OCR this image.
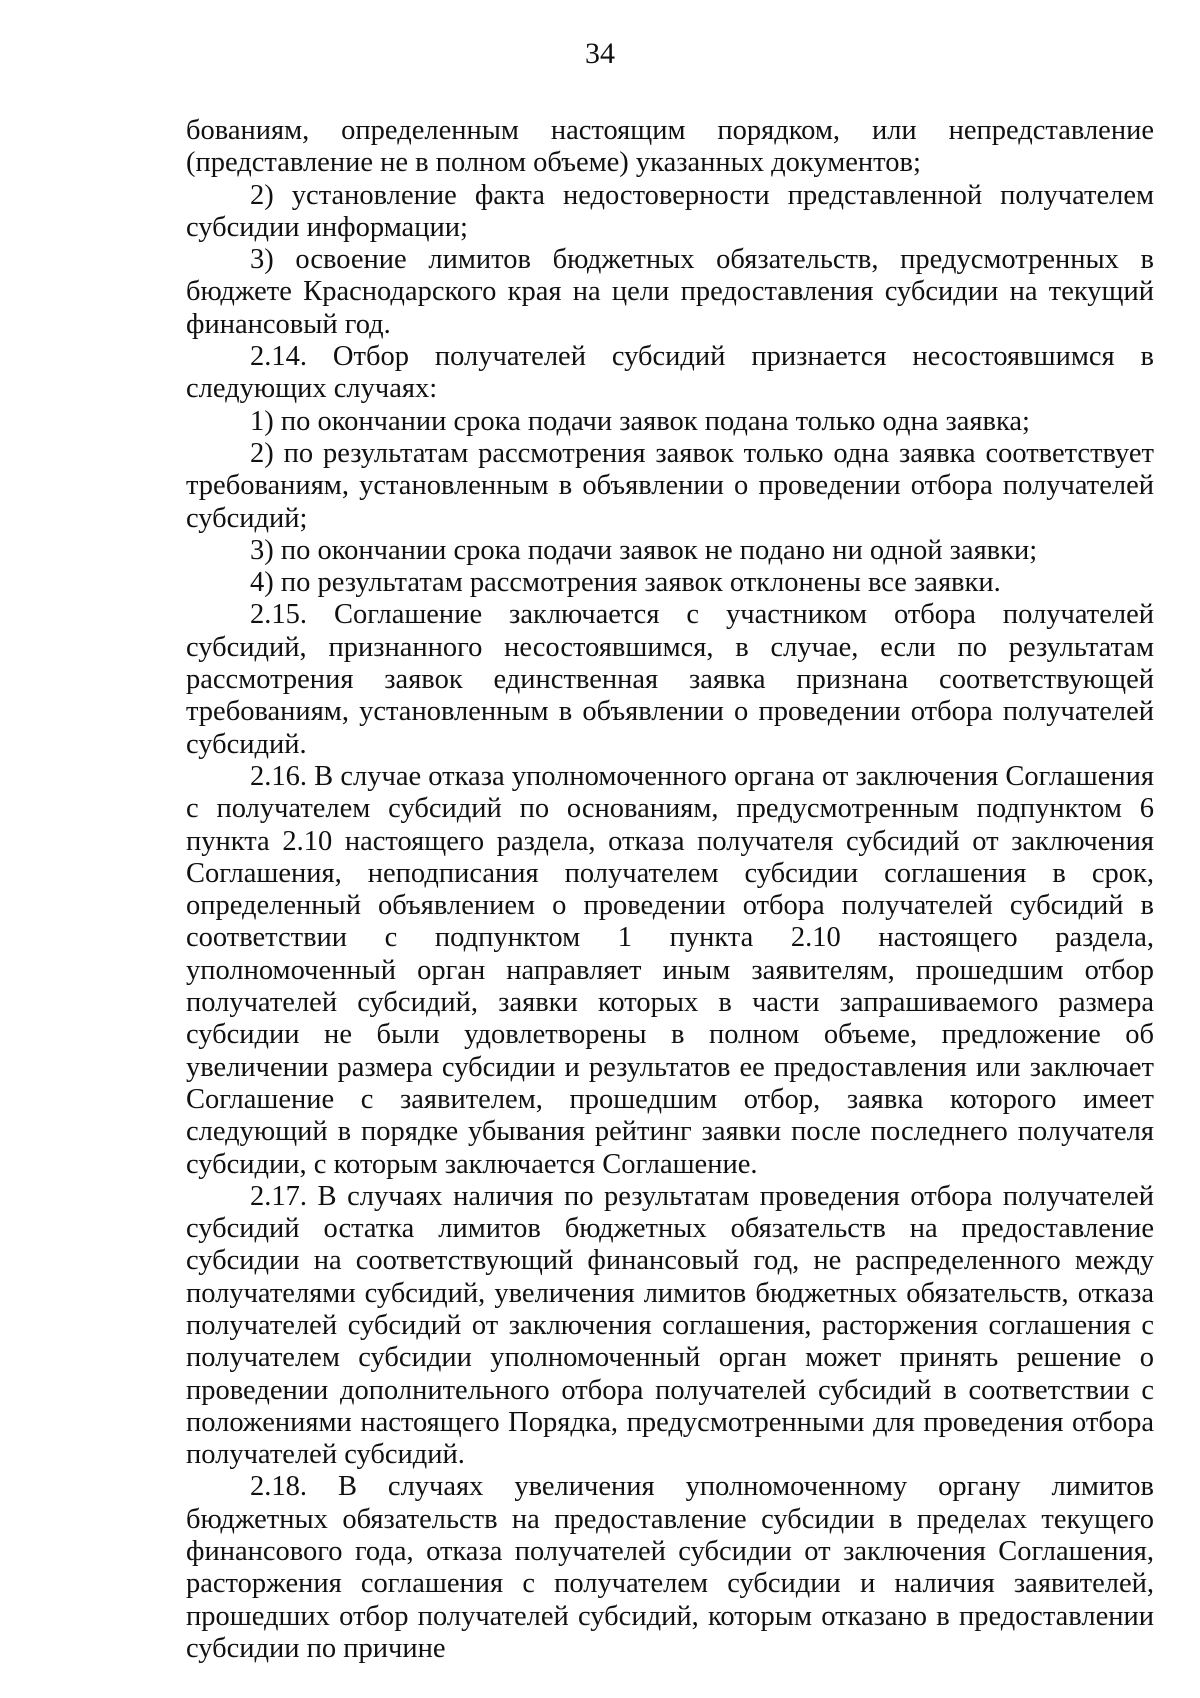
34

бованиям, определенным настоящим порядком, или непредставление (представление не в полном объеме) указанных документов;

2) установление факта недостоверности представленной получателем субсидии информации;

3) освоение лимитов бюджетных обязательств, предусмотренных в бюджете Краснодарского края на цели предоставления субсидии на текущий финансовый год.

2.14. Отбор получателей субсидий признается несостоявшимся в следующих случаях:

1) по окончании срока подачи заявок подана только одна заявка;

2) по результатам рассмотрения заявок только одна заявка соответствует требованиям, установленным в объявлении о проведении отбора получателей субсидий;

3) по окончании срока подачи заявок не подано ни одной заявки;

4) по результатам рассмотрения заявок отклонены все заявки.

2.15. Соглашение заключается с участником отбора получателей субсидий, признанного несостоявшимся, в случае, если по результатам рассмотрения заявок единственная заявка признана соответствующей требованиям, установленным в объявлении о проведении отбора получателей субсидий.

2.16. В случае отказа уполномоченного органа от заключения Соглашения с получателем субсидий по основаниям, предусмотренным подпунктом 6 пункта 2.10 настоящего раздела, отказа получателя субсидий от заключения Соглашения, неподписания получателем субсидии соглашения в срок, определенный объявлением о проведении отбора получателей субсидий в соответствии с подпунктом 1 пункта 2.10 настоящего раздела, уполномоченный орган направляет иным заявителям, прошедшим отбор получателей субсидий, заявки которых в части запрашиваемого размера субсидии не были удовлетворены в полном объеме, предложение об увеличении размера субсидии и результатов ее предоставления или заключает Соглашение с заявителем, прошедшим отбор, заявка которого имеет следующий в порядке убывания рейтинг заявки после последнего получателя субсидии, с которым заключается Соглашение.

2.17. В случаях наличия по результатам проведения отбора получателей субсидий остатка лимитов бюджетных обязательств на предоставление субсидии на соответствующий финансовый год, не распределенного между получателями субсидий, увеличения лимитов бюджетных обязательств, отказа получателей субсидий от заключения соглашения, расторжения соглашения с получателем субсидии уполномоченный орган может принять решение о проведении дополнительного отбора получателей субсидий в соответствии с положениями настоящего Порядка, предусмотренными для проведения отбора получателей субсидий.

2.18. В случаях увеличения уполномоченному органу лимитов бюджетных обязательств на предоставление субсидии в пределах текущего финансового года, отказа получателей субсидии от заключения Соглашения, расторжения соглашения с получателем субсидии и наличия заявителей, прошедших отбор получателей субсидий, которым отказано в предоставлении субсидии по причине
